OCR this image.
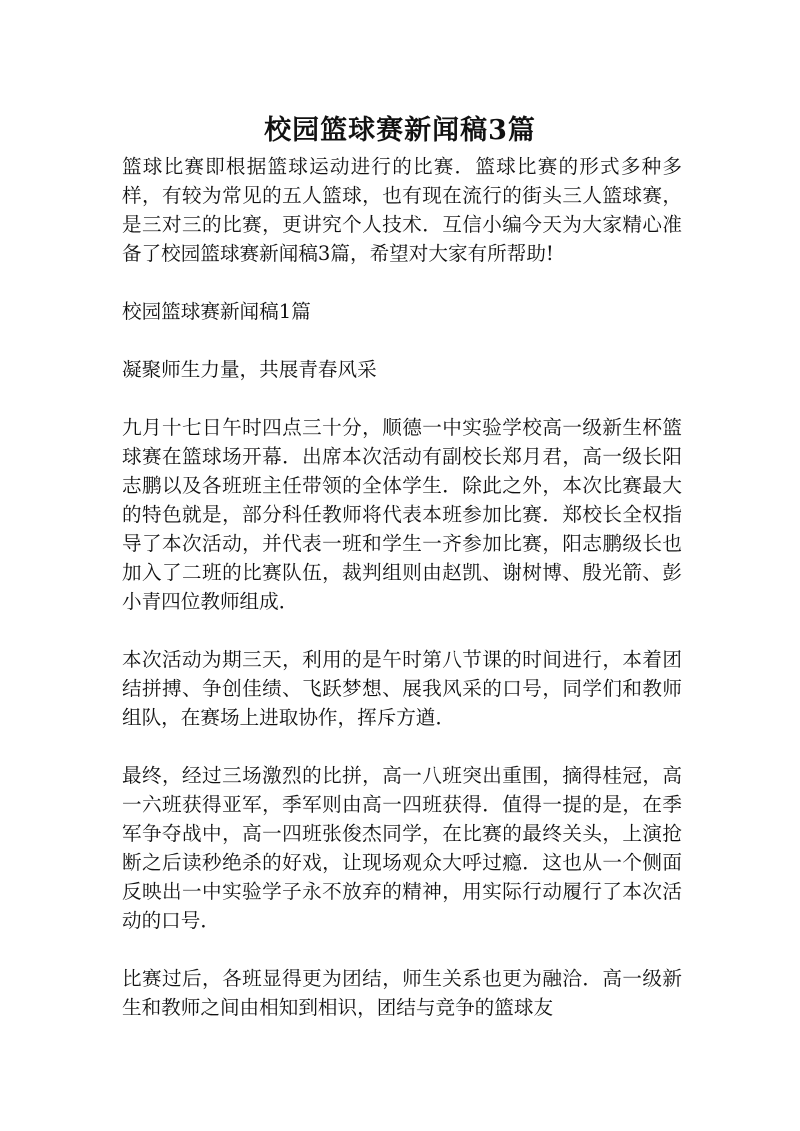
校园篮球赛新闻稿3篇

篮球比赛即根据篮球运动进行的比赛．篮球比赛的形式多种多样，有较为常见的五人篮球，也有现在流行的街头三人篮球赛，是三对三的比赛，更讲究个人技术．互信小编今天为大家精心准备了校园篮球赛新闻稿3篇，希望对大家有所帮助!

校园篮球赛新闻稿1篇

凝聚师生力量，共展青春风采

九月十七日午时四点三十分，顺德一中实验学校高一级新生杯篮球赛在篮球场开幕．出席本次活动有副校长郑月君，高一级长阳志鹏以及各班班主任带领的全体学生．除此之外，本次比赛最大的特色就是，部分科任教师将代表本班参加比赛．郑校长全权指导了本次活动，并代表一班和学生一齐参加比赛，阳志鹏级长也加入了二班的比赛队伍，裁判组则由赵凯、谢树博、殷光箭、彭小青四位教师组成．

本次活动为期三天，利用的是午时第八节课的时间进行，本着团结拼搏、争创佳绩、飞跃梦想、展我风采的口号，同学们和教师组队，在赛场上进取协作，挥斥方遒．

最终，经过三场激烈的比拼，高一八班突出重围，摘得桂冠，高一六班获得亚军，季军则由高一四班获得．值得一提的是，在季军争夺战中，高一四班张俊杰同学，在比赛的最终关头，上演抢断之后读秒绝杀的好戏，让现场观众大呼过瘾．这也从一个侧面反映出一中实验学子永不放弃的精神，用实际行动履行了本次活动的口号．

比赛过后，各班显得更为团结，师生关系也更为融洽．高一级新生和教师之间由相知到相识，团结与竞争的篮球友
